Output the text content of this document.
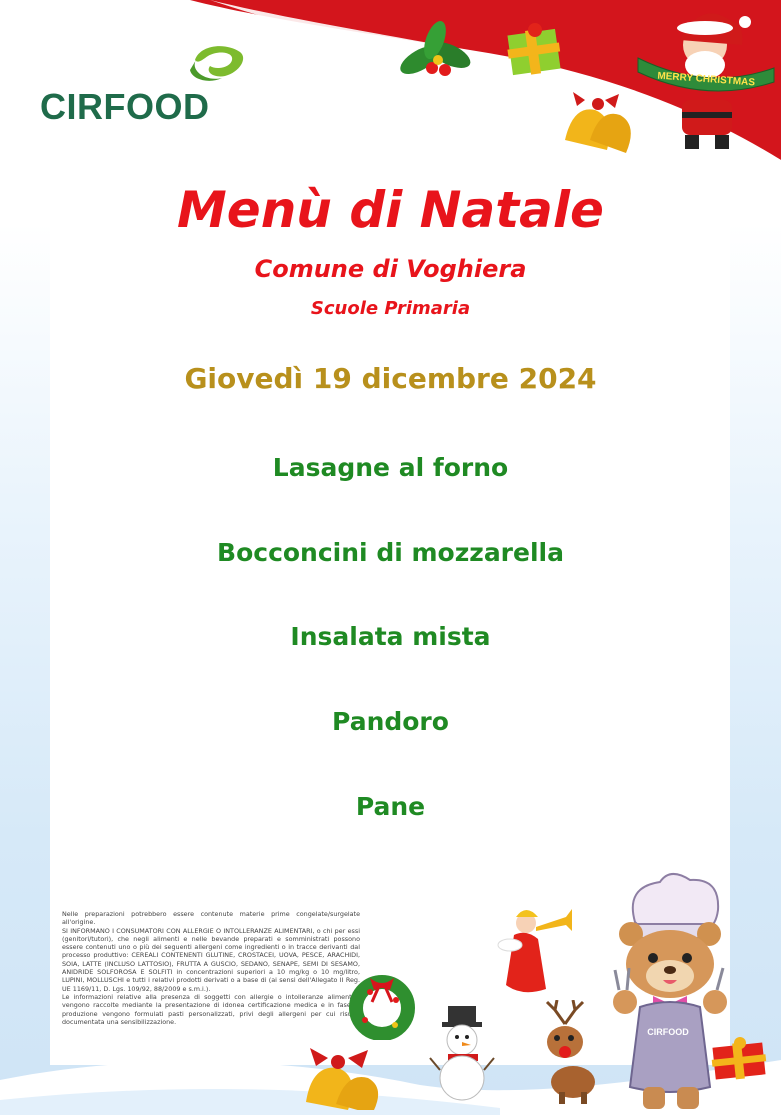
MERRY CHRISTMAS
CIRFOOD
Menù di Natale
Comune di Voghiera
Scuole Primaria
Giovedì 19 dicembre 2024
Lasagne al forno
Bocconcini di mozzarella
Insalata mista
Pandoro
Pane

Nelle preparazioni potrebbero essere contenute materie prime congelate/surgelate all'origine.

SI INFORMANO I CONSUMATORI CON ALLERGIE O INTOLLERANZE ALIMENTARI, o chi per essi (genitori/tutori), che negli alimenti e nelle bevande preparati e somministrati possono essere contenuti uno o più dei seguenti allergeni come ingredienti o in tracce derivanti dal processo produttivo: CEREALI CONTENENTI GLUTINE, CROSTACEI, UOVA, PESCE, ARACHIDI, SOIA, LATTE (INCLUSO LATTOSIO), FRUTTA A GUSCIO, SEDANO, SENAPE, SEMI DI SESAMO, ANIDRIDE SOLFOROSA E SOLFITI in concentrazioni superiori a 10 mg/kg o 10 mg/litro, LUPINI, MOLLUSCHI e tutti i relativi prodotti derivati o a base di (ai sensi dell'Allegato II Reg. UE 1169/11, D. Lgs. 109/92, 88/2009 e s.m.i.).

Le informazioni relative alla presenza di soggetti con allergie o intolleranze alimentari vengono raccolte mediante la presentazione di idonea certificazione medica e in fase di produzione vengono formulati pasti personalizzati, privi degli allergeni per cui risulta documentata una sensibilizzazione.

CIRFOOD
